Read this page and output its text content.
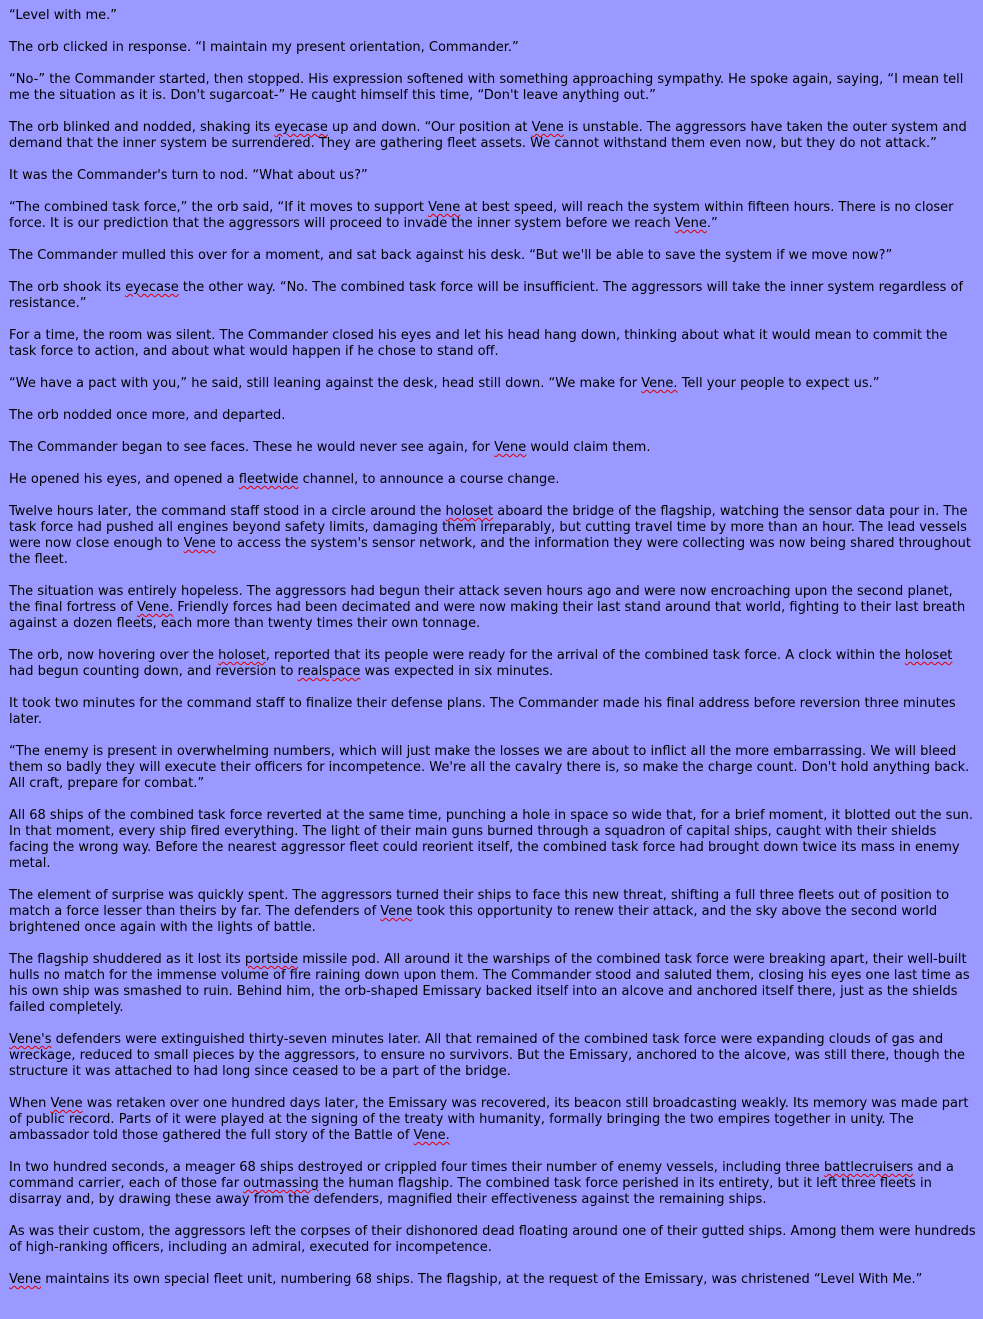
“Level with me.”

The orb clicked in response. “I maintain my present orientation, Commander.”

“No-” the Commander started, then stopped. His expression softened with something approaching sympathy. He spoke again, saying, “I mean tell me the situation as it is. Don't sugarcoat-” He caught himself this time, “Don't leave anything out.”

The orb blinked and nodded, shaking its eyecase up and down. “Our position at Vene is unstable. The aggressors have taken the outer system and demand that the inner system be surrendered. They are gathering fleet assets. We cannot withstand them even now, but they do not attack.”

It was the Commander's turn to nod. “What about us?”

“The combined task force,” the orb said, “If it moves to support Vene at best speed, will reach the system within fifteen hours. There is no closer force. It is our prediction that the aggressors will proceed to invade the inner system before we reach Vene.”

The Commander mulled this over for a moment, and sat back against his desk. “But we'll be able to save the system if we move now?”

The orb shook its eyecase the other way. “No. The combined task force will be insufficient. The aggressors will take the inner system regardless of resistance.”

For a time, the room was silent. The Commander closed his eyes and let his head hang down, thinking about what it would mean to commit the task force to action, and about what would happen if he chose to stand off.

“We have a pact with you,” he said, still leaning against the desk, head still down. “We make for Vene. Tell your people to expect us.”

The orb nodded once more, and departed.

The Commander began to see faces. These he would never see again, for Vene would claim them.

He opened his eyes, and opened a fleetwide channel, to announce a course change.

Twelve hours later, the command staff stood in a circle around the holoset aboard the bridge of the flagship, watching the sensor data pour in. The task force had pushed all engines beyond safety limits, damaging them irreparably, but cutting travel time by more than an hour. The lead vessels were now close enough to Vene to access the system's sensor network, and the information they were collecting was now being shared throughout the fleet.

The situation was entirely hopeless. The aggressors had begun their attack seven hours ago and were now encroaching upon the second planet, the final fortress of Vene. Friendly forces had been decimated and were now making their last stand around that world, fighting to their last breath against a dozen fleets, each more than twenty times their own tonnage.

The orb, now hovering over the holoset, reported that its people were ready for the arrival of the combined task force. A clock within the holoset had begun counting down, and reversion to realspace was expected in six minutes.

It took two minutes for the command staff to finalize their defense plans. The Commander made his final address before reversion three minutes later.

“The enemy is present in overwhelming numbers, which will just make the losses we are about to inflict all the more embarrassing. We will bleed them so badly they will execute their officers for incompetence. We're all the cavalry there is, so make the charge count. Don't hold anything back. All craft, prepare for combat.”

All 68 ships of the combined task force reverted at the same time, punching a hole in space so wide that, for a brief moment, it blotted out the sun. In that moment, every ship fired everything. The light of their main guns burned through a squadron of capital ships, caught with their shields facing the wrong way. Before the nearest aggressor fleet could reorient itself, the combined task force had brought down twice its mass in enemy metal.

The element of surprise was quickly spent. The aggressors turned their ships to face this new threat, shifting a full three fleets out of position to match a force lesser than theirs by far. The defenders of Vene took this opportunity to renew their attack, and the sky above the second world brightened once again with the lights of battle.

The flagship shuddered as it lost its portside missile pod. All around it the warships of the combined task force were breaking apart, their well-built hulls no match for the immense volume of fire raining down upon them. The Commander stood and saluted them, closing his eyes one last time as his own ship was smashed to ruin. Behind him, the orb-shaped Emissary backed itself into an alcove and anchored itself there, just as the shields failed completely.

Vene's defenders were extinguished thirty-seven minutes later. All that remained of the combined task force were expanding clouds of gas and wreckage, reduced to small pieces by the aggressors, to ensure no survivors. But the Emissary, anchored to the alcove, was still there, though the structure it was attached to had long since ceased to be a part of the bridge.

When Vene was retaken over one hundred days later, the Emissary was recovered, its beacon still broadcasting weakly. Its memory was made part of public record. Parts of it were played at the signing of the treaty with humanity, formally bringing the two empires together in unity. The ambassador told those gathered the full story of the Battle of Vene.

In two hundred seconds, a meager 68 ships destroyed or crippled four times their number of enemy vessels, including three battlecruisers and a command carrier, each of those far outmassing the human flagship. The combined task force perished in its entirety, but it left three fleets in disarray and, by drawing these away from the defenders, magnified their effectiveness against the remaining ships.

As was their custom, the aggressors left the corpses of their dishonored dead floating around one of their gutted ships. Among them were hundreds of high-ranking officers, including an admiral, executed for incompetence.

Vene maintains its own special fleet unit, numbering 68 ships. The flagship, at the request of the Emissary, was christened “Level With Me.”
